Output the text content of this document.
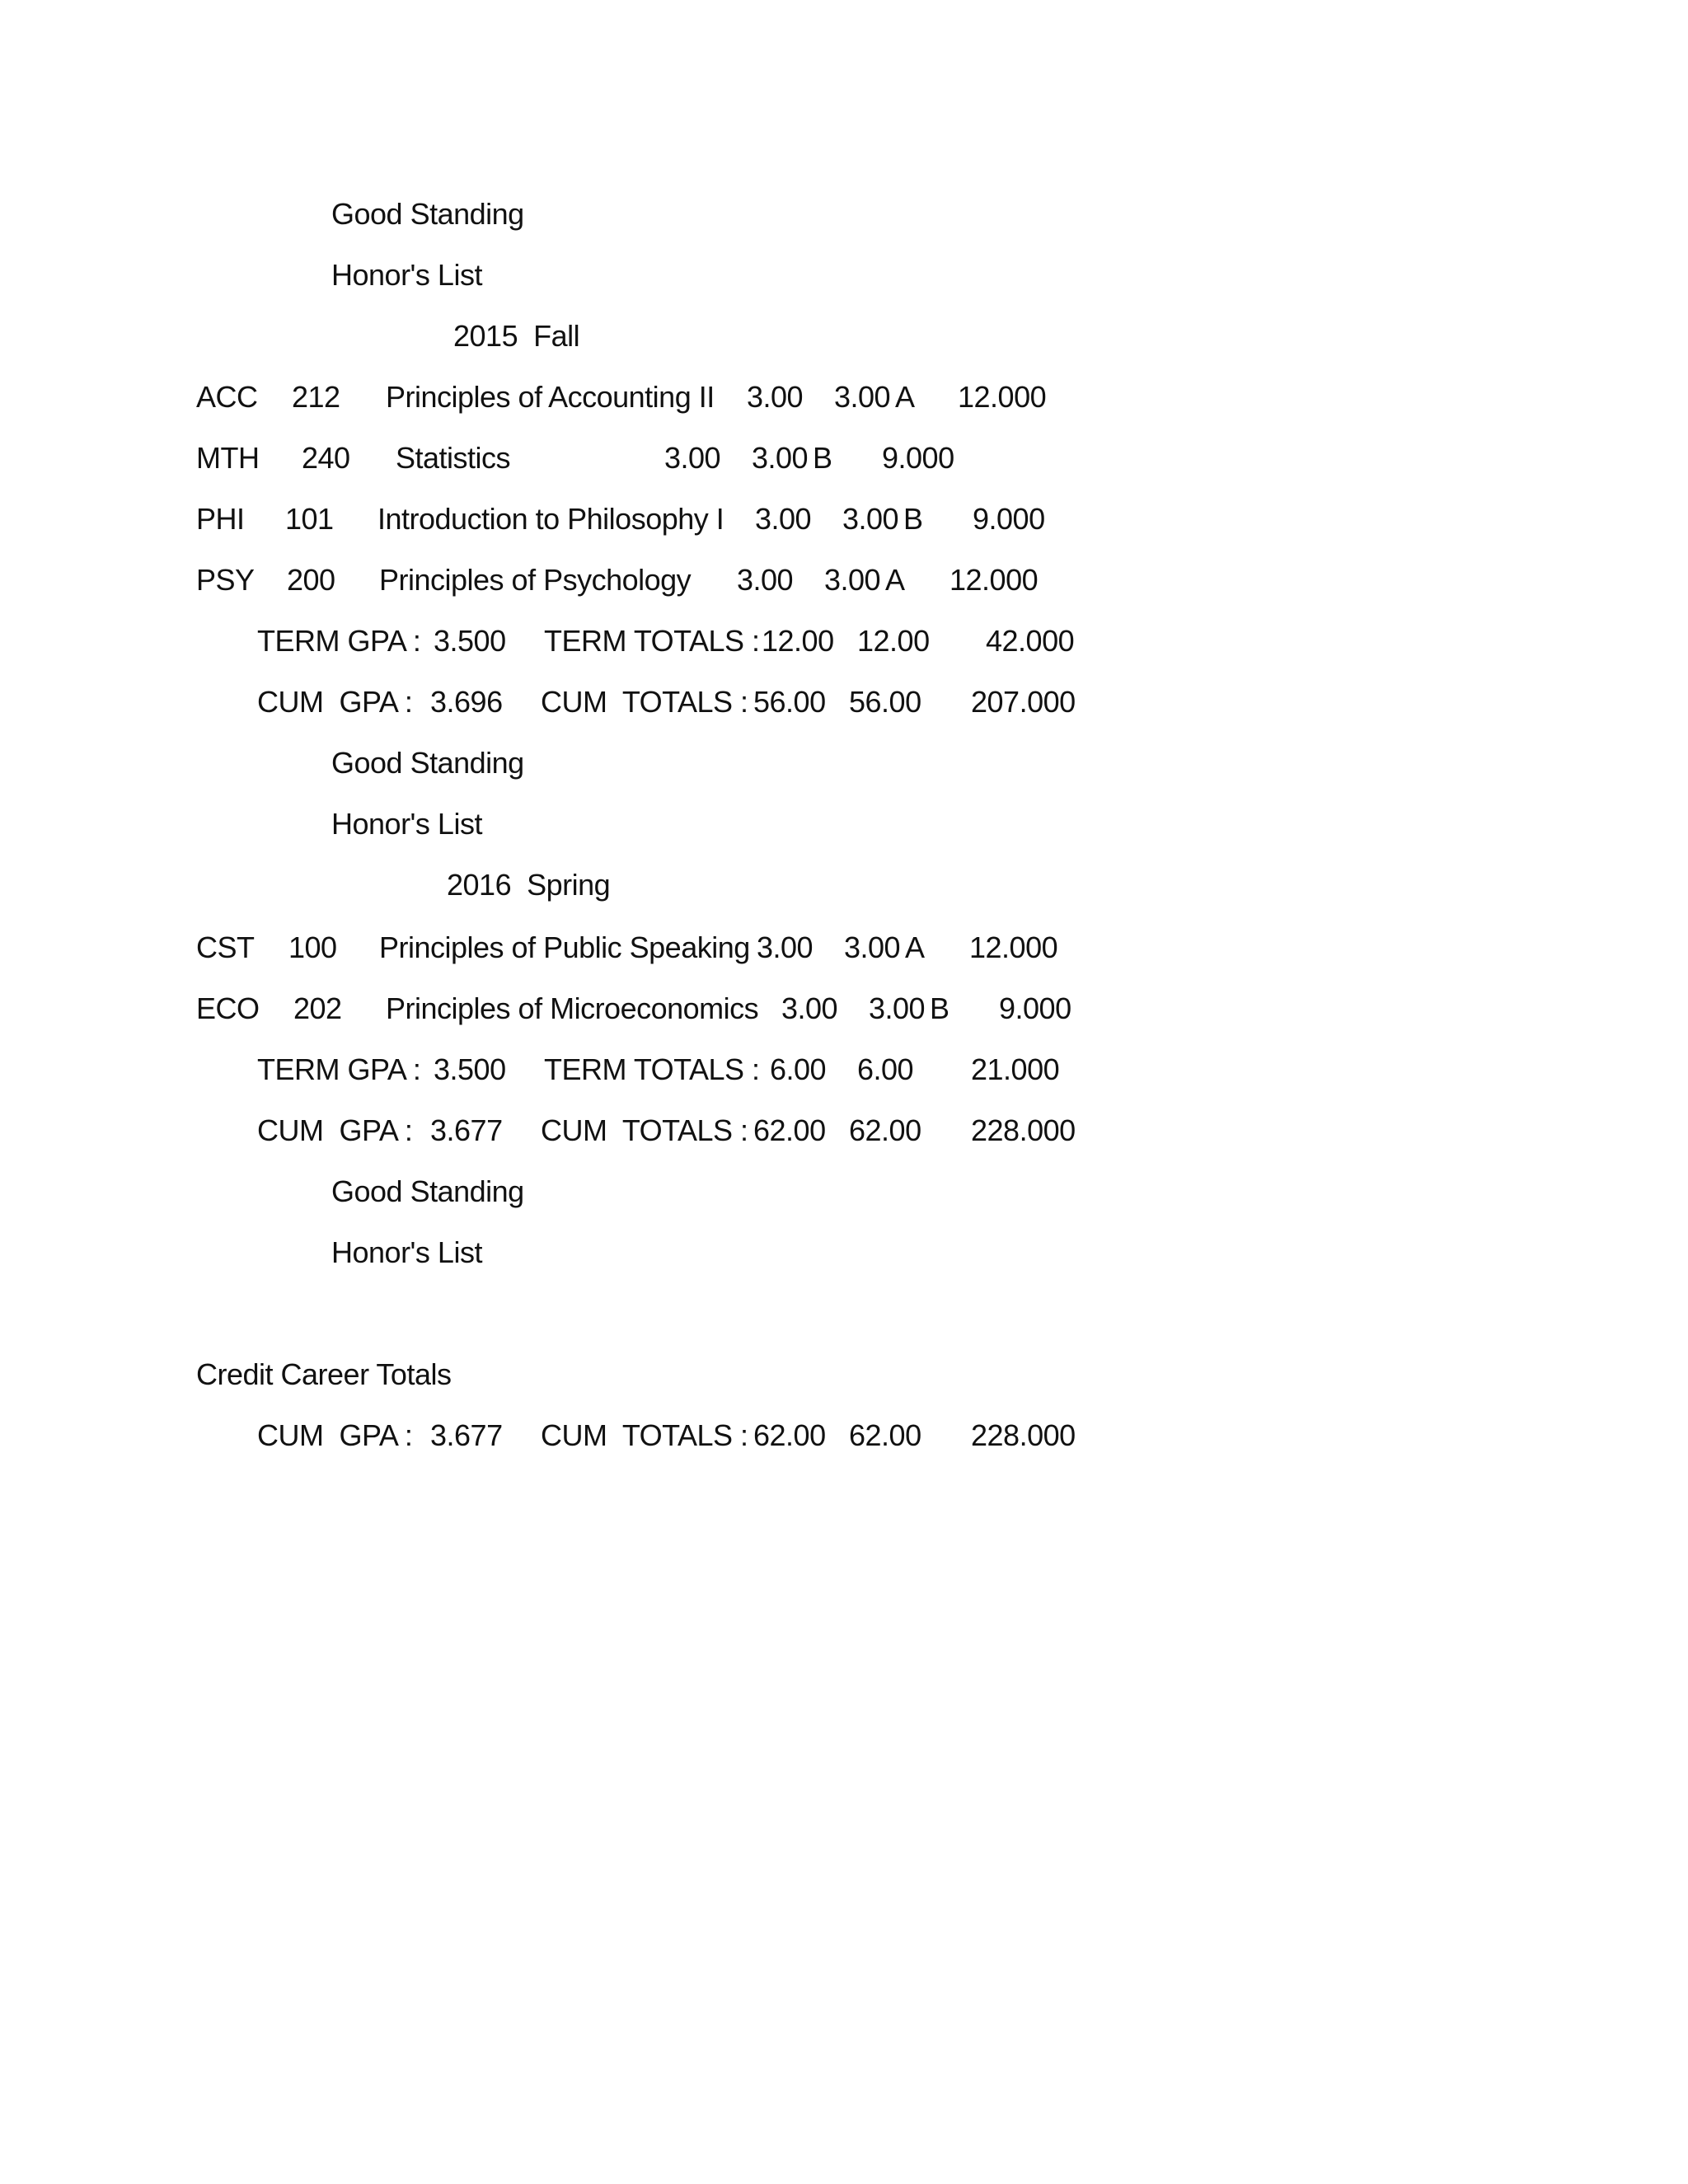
Good Standing
Honor's List
2015  Fall
ACC 212 Principles of Accounting II 3.00 3.00 A 12.000
MTH 240 Statistics	3.00 3.00 B 9.000
PHI 101 Introduction to Philosophy I 3.00 3.00 B 9.000
PSY 200 Principles of Psychology 3.00 3.00 A 12.000
TERM GPA : 3.500 TERM TOTALS : 12.00 12.00 42.000
CUM  GPA : 3.696 CUM  TOTALS : 56.00 56.00 207.000
Good Standing
Honor's List
2016  Spring
CST 100 Principles of Public Speaking 3.00 3.00 A 12.000
ECO 202 Principles of Microeconomics 3.00 3.00 B 9.000
TERM GPA : 3.500 TERM TOTALS : 6.00 6.00 21.000
CUM  GPA : 3.677 CUM  TOTALS : 62.00 62.00 228.000
Good Standing
Honor's List
Credit Career Totals
CUM  GPA : 3.677 CUM  TOTALS : 62.00 62.00 228.000
